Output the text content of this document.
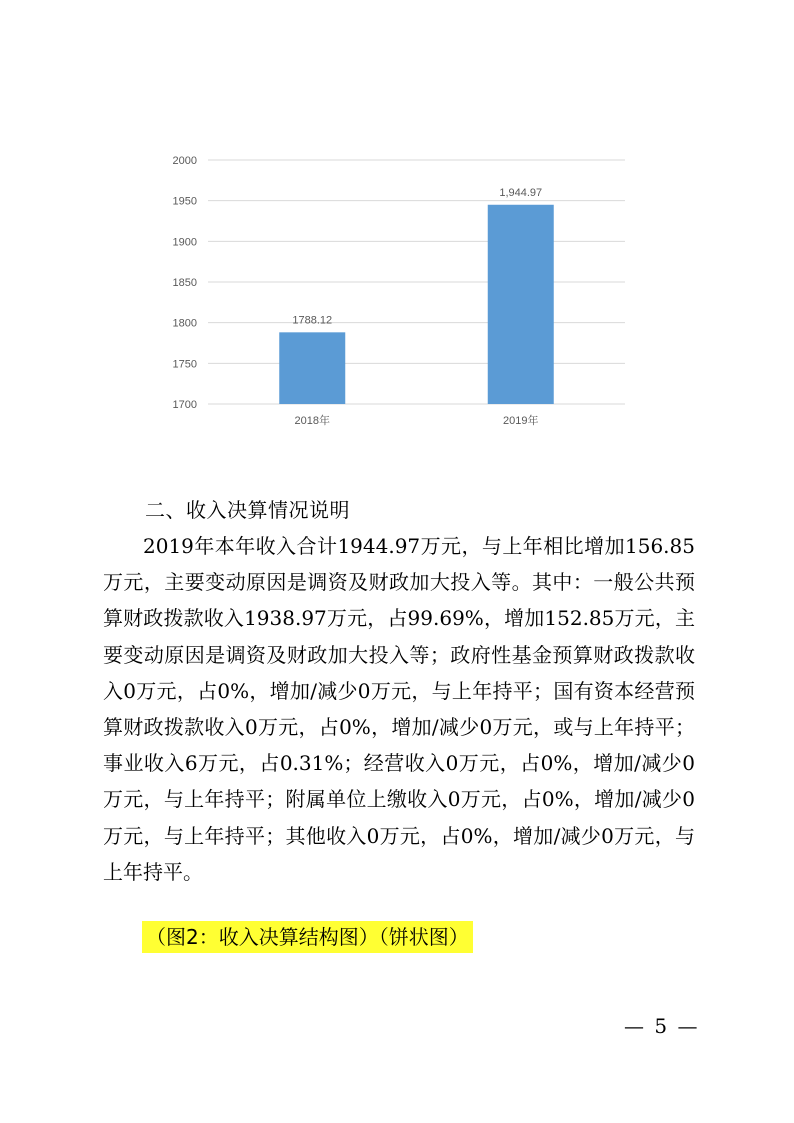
1700
1750
1800
1850
1900
1950
2000
1788.12
2018年
1,944.97
2019年
二、收入决算情况说明
2019年本年收入合计1944.97万元，与上年相比增加156.85万元，主要变动原因是调资及财政加大投入等。其中：一般公共预算财政拨款收入1938.97万元，占99.69%，增加152.85万元，主要变动原因是调资及财政加大投入等；政府性基金预算财政拨款收入0万元，占0%，增加/减少0万元，与上年持平；国有资本经营预算财政拨款收入0万元，占0%，增加/减少0万元，或与上年持平；事业收入6万元，占0.31%；经营收入0万元，占0%，增加/减少0万元，与上年持平；附属单位上缴收入0万元，占0%，增加/减少0万元，与上年持平；其他收入0万元，占0%，增加/减少0万元，与上年持平。
（图2：收入决算结构图）（饼状图）
— 5 —
